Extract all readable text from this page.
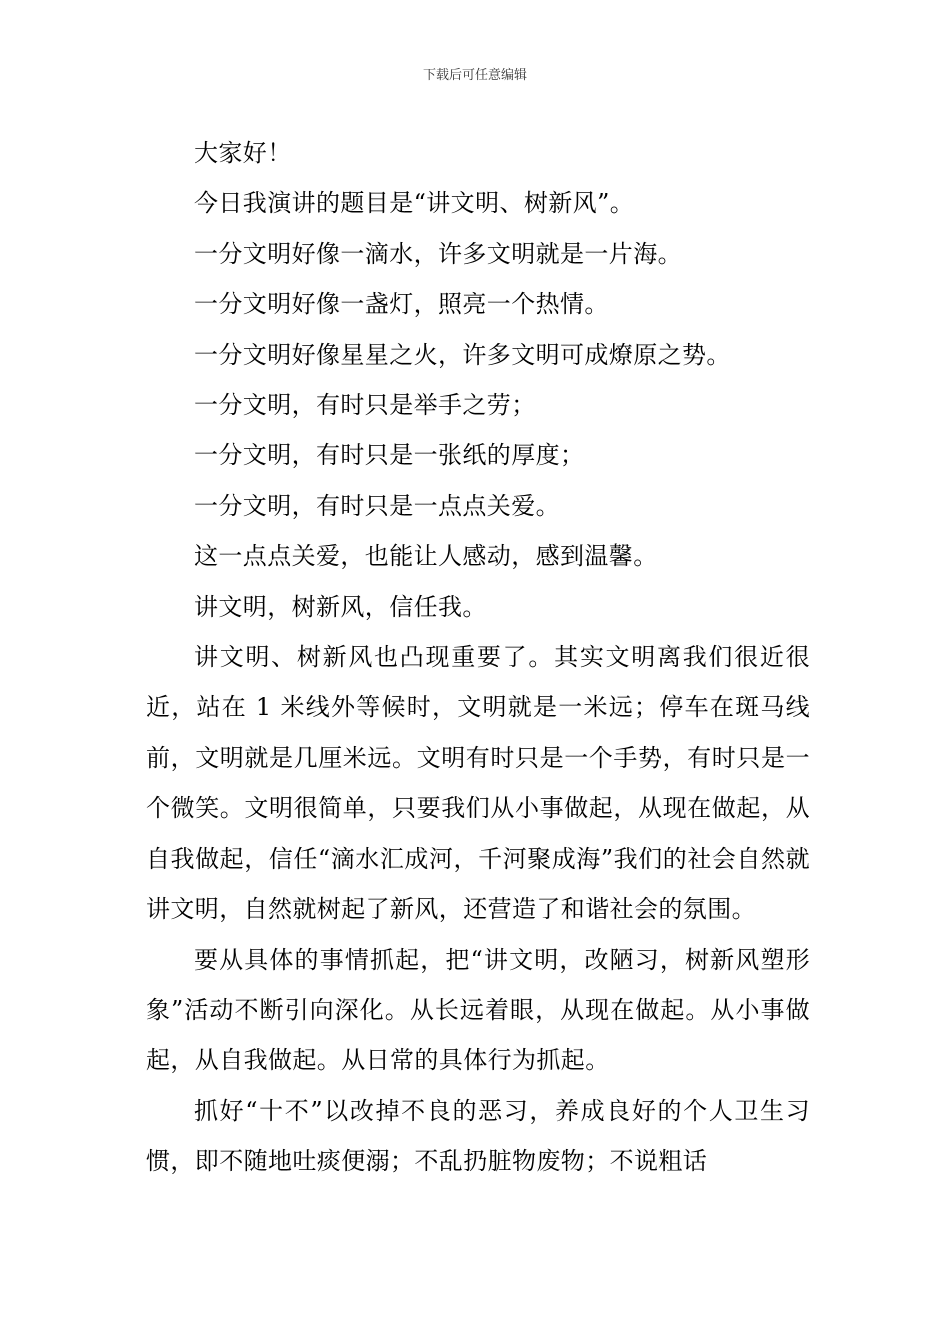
下载后可任意编辑

大家好！

今日我演讲的题目是“讲文明、树新风”。

一分文明好像一滴水，许多文明就是一片海。

一分文明好像一盏灯，照亮一个热情。

一分文明好像星星之火，许多文明可成燎原之势。

一分文明，有时只是举手之劳；

一分文明，有时只是一张纸的厚度；

一分文明，有时只是一点点关爱。

这一点点关爱，也能让人感动，感到温馨。

讲文明，树新风，信任我。

讲文明、树新风也凸现重要了。其实文明离我们很近很近，站在 1 米线外等候时，文明就是一米远；停车在斑马线前，文明就是几厘米远。文明有时只是一个手势，有时只是一个微笑。文明很简单，只要我们从小事做起，从现在做起，从自我做起，信任“滴水汇成河，千河聚成海”我们的社会自然就讲文明，自然就树起了新风，还营造了和谐社会的氛围。

要从具体的事情抓起，把“讲文明，改陋习，树新风塑形象”活动不断引向深化。从长远着眼，从现在做起。从小事做起，从自我做起。从日常的具体行为抓起。

抓好“十不”以改掉不良的恶习，养成良好的个人卫生习惯，即不随地吐痰便溺；不乱扔脏物废物；不说粗话
